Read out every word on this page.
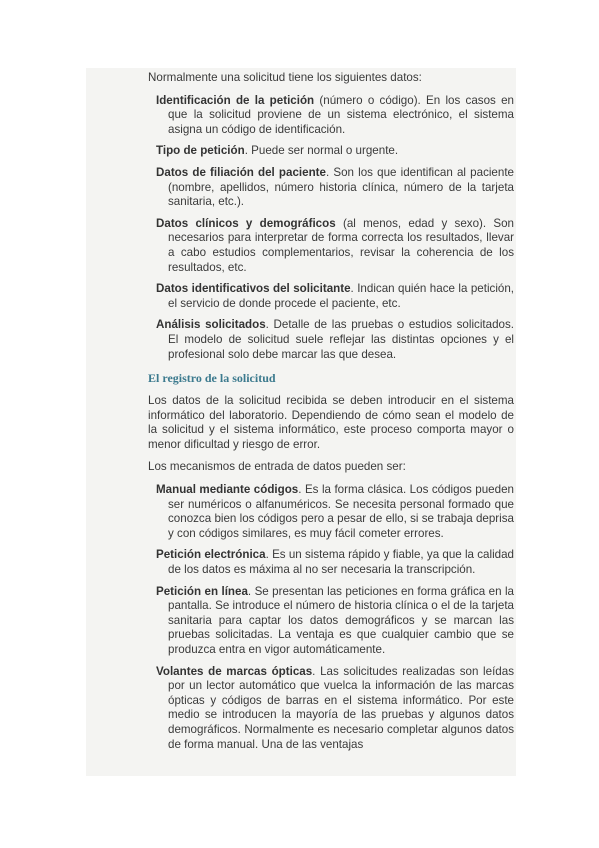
Normalmente una solicitud tiene los siguientes datos:

Identificación de la petición (número o código). En los casos en que la solicitud proviene de un sistema electrónico, el sistema asigna un código de identificación.

Tipo de petición. Puede ser normal o urgente.

Datos de filiación del paciente. Son los que identifican al paciente (nombre, apellidos, número historia clínica, número de la tarjeta sanitaria, etc.).

Datos clínicos y demográficos (al menos, edad y sexo). Son necesarios para interpretar de forma correcta los resultados, llevar a cabo estudios complementarios, revisar la coherencia de los resultados, etc.

Datos identificativos del solicitante. Indican quién hace la petición, el servicio de donde procede el paciente, etc.

Análisis solicitados. Detalle de las pruebas o estudios solicitados. El modelo de solicitud suele reflejar las distintas opciones y el profesional solo debe marcar las que desea.

El registro de la solicitud

Los datos de la solicitud recibida se deben introducir en el sistema informático del laboratorio. Dependiendo de cómo sean el modelo de la solicitud y el sistema informático, este proceso comporta mayor o menor dificultad y riesgo de error.

Los mecanismos de entrada de datos pueden ser:

Manual mediante códigos. Es la forma clásica. Los códigos pueden ser numéricos o alfanuméricos. Se necesita personal formado que conozca bien los códigos pero a pesar de ello, si se trabaja deprisa y con códigos similares, es muy fácil cometer errores.

Petición electrónica. Es un sistema rápido y fiable, ya que la calidad de los datos es máxima al no ser necesaria la transcripción.

Petición en línea. Se presentan las peticiones en forma gráfica en la pantalla. Se introduce el número de historia clínica o el de la tarjeta sanitaria para captar los datos demográficos y se marcan las pruebas solicitadas. La ventaja es que cualquier cambio que se produzca entra en vigor automáticamente.

Volantes de marcas ópticas. Las solicitudes realizadas son leídas por un lector automático que vuelca la información de las marcas ópticas y códigos de barras en el sistema informático. Por este medio se introducen la mayoría de las pruebas y algunos datos demográficos. Normalmente es necesario completar algunos datos de forma manual. Una de las ventajas
